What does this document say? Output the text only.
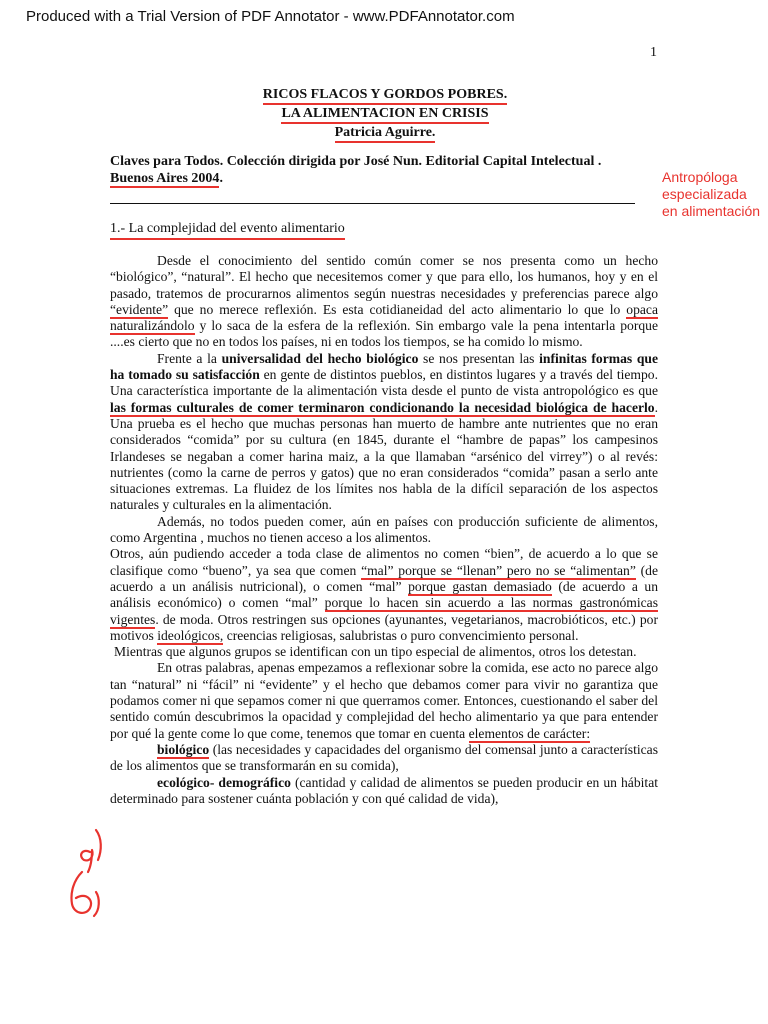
Produced with a Trial Version of PDF Annotator - www.PDFAnnotator.com
1
RICOS FLACOS Y GORDOS POBRES.
LA ALIMENTACION EN CRISIS
Patricia Aguirre.
Claves para Todos. Colección dirigida por José Nun. Editorial Capital Intelectual . Buenos Aires 2004.
1.- La complejidad del evento alimentario
Antropóloga especializada en alimentación

Desde el conocimiento del sentido común comer se nos presenta como un hecho “biológico”, “natural”. El hecho que necesitemos comer y que para ello, los humanos, hoy y en el pasado, tratemos de procurarnos alimentos según nuestras necesidades y preferencias parece algo “evidente” que no merece reflexión. Es esta cotidianeidad del acto alimentario lo que lo opaca naturalizándolo y lo saca de la esfera de la reflexión. Sin embargo vale la pena intentarla porque ....es cierto que no en todos los países, ni en todos los tiempos, se ha comido lo mismo.

Frente a la universalidad del hecho biológico se nos presentan las infinitas formas que ha tomado su satisfacción en gente de distintos pueblos, en distintos lugares y a través del tiempo. Una característica importante de la alimentación vista desde el punto de vista antropológico es que las formas culturales de comer terminaron condicionando la necesidad biológica de hacerlo. Una prueba es el hecho que muchas personas han muerto de hambre ante nutrientes que no eran considerados “comida” por su cultura (en 1845, durante el “hambre de papas” los campesinos Irlandeses se negaban a comer harina maiz, a la que llamaban “arsénico del virrey”) o al revés: nutrientes (como la carne de perros y gatos) que no eran considerados “comida” pasan a serlo ante situaciones extremas. La fluidez de los límites nos habla de la difícil separación de los aspectos naturales y culturales en la alimentación.

Además, no todos pueden comer, aún en países con producción suficiente de alimentos, como Argentina , muchos no tienen acceso a los alimentos.

Otros, aún pudiendo acceder a toda clase de alimentos no comen “bien”, de acuerdo a lo que se clasifique como “bueno”, ya sea que comen “mal” porque se “llenan” pero no se “alimentan” (de acuerdo a un análisis nutricional), o comen “mal” porque gastan demasiado (de acuerdo a un análisis económico) o comen “mal” porque lo hacen sin acuerdo a las normas gastronómicas vigentes. de moda. Otros restringen sus opciones (ayunantes, vegetarianos, macrobióticos, etc.) por motivos ideológicos, creencias religiosas, salubristas o puro convencimiento personal.

Mientras que algunos grupos se identifican con un tipo especial de alimentos, otros los detestan.

En otras palabras, apenas empezamos a reflexionar sobre la comida, ese acto no parece algo tan “natural” ni “fácil” ni “evidente” y el hecho que debamos comer para vivir no garantiza que podamos comer ni que sepamos comer ni que querramos comer. Entonces, cuestionando el saber del sentido común descubrimos la opacidad y complejidad del hecho alimentario ya que para entender por qué la gente come lo que come, tenemos que tomar en cuenta elementos de carácter:

biológico (las necesidades y capacidades del organismo del comensal junto a características de los alimentos que se transformarán en su comida),

ecológico- demográfico (cantidad y calidad de alimentos se pueden producir en un hábitat determinado para sostener cuánta población y con qué calidad de vida),
